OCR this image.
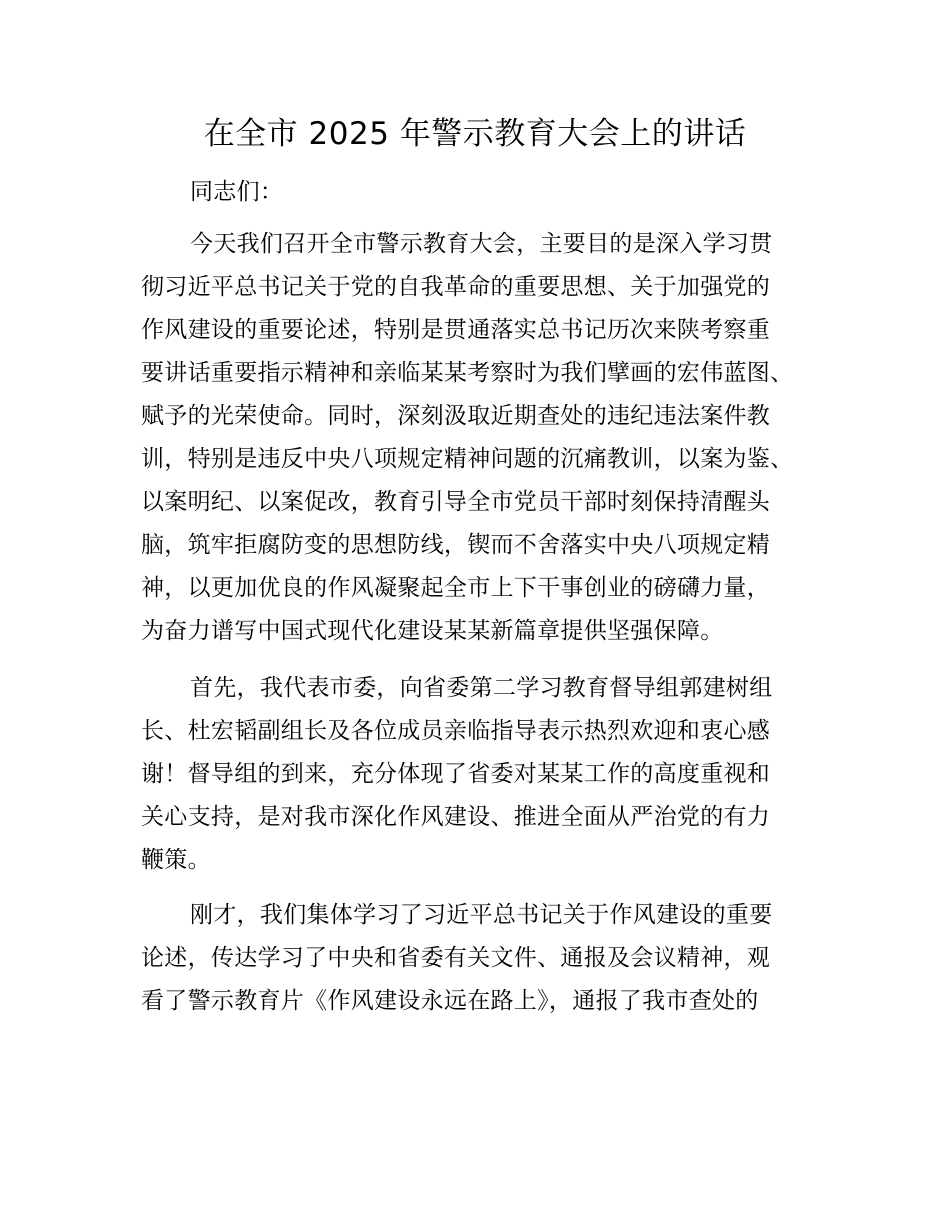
在全市 2025 年警示教育大会上的讲话
同志们：
今天我们召开全市警示教育大会，主要目的是深入学习贯
彻习近平总书记关于党的自我革命的重要思想、关于加强党的
作风建设的重要论述，特别是贯通落实总书记历次来陕考察重
要讲话重要指示精神和亲临某某考察时为我们擘画的宏伟蓝图、
赋予的光荣使命。同时，深刻汲取近期查处的违纪违法案件教
训，特别是违反中央八项规定精神问题的沉痛教训，以案为鉴、
以案明纪、以案促改，教育引导全市党员干部时刻保持清醒头
脑，筑牢拒腐防变的思想防线，锲而不舍落实中央八项规定精
神，以更加优良的作风凝聚起全市上下干事创业的磅礴力量，
为奋力谱写中国式现代化建设某某新篇章提供坚强保障。
首先，我代表市委，向省委第二学习教育督导组郭建树组
长、杜宏韬副组长及各位成员亲临指导表示热烈欢迎和衷心感
谢！督导组的到来，充分体现了省委对某某工作的高度重视和
关心支持，是对我市深化作风建设、推进全面从严治党的有力
鞭策。
刚才，我们集体学习了习近平总书记关于作风建设的重要
论述，传达学习了中央和省委有关文件、通报及会议精神，观
看了警示教育片《作风建设永远在路上》，通报了我市查处的
